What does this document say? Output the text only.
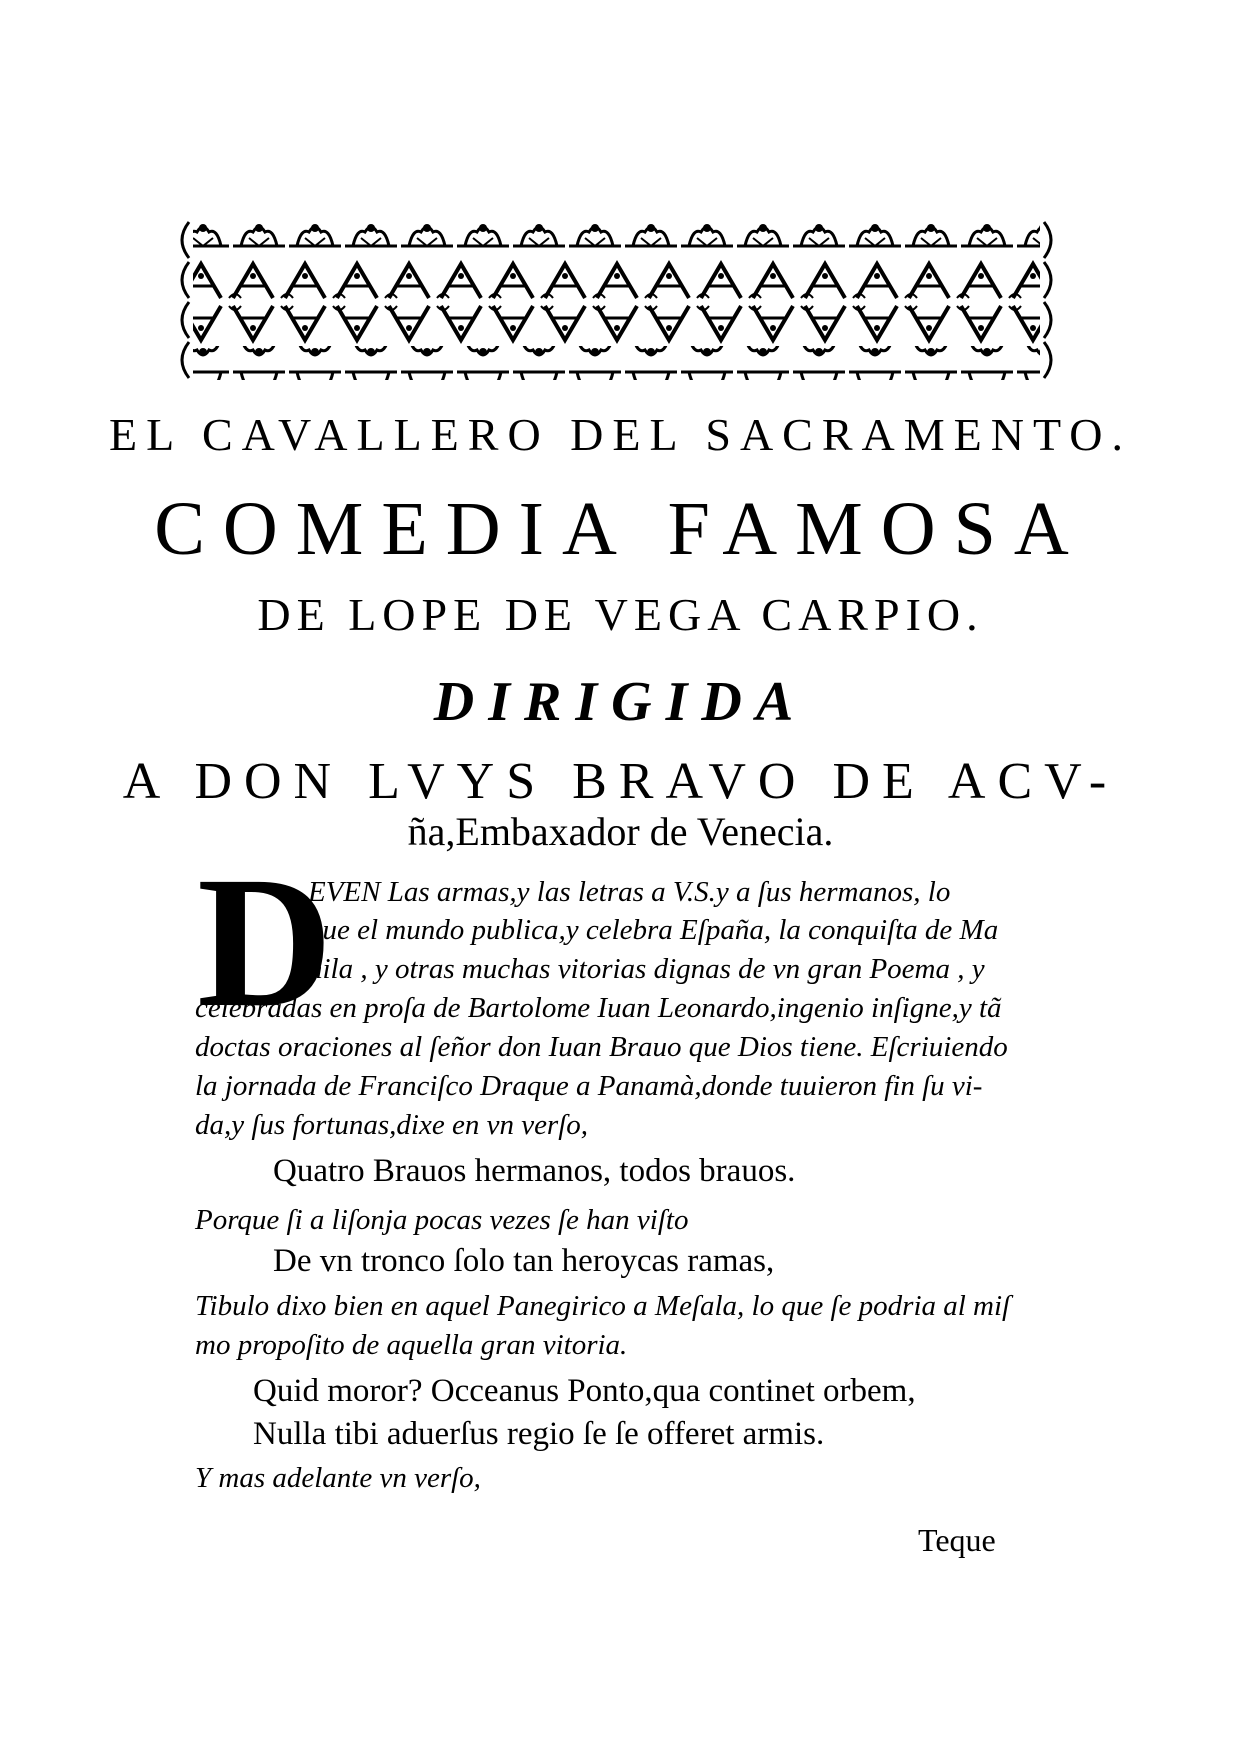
EL CAVALLERO DEL SACRAMENTO.
COMEDIA FAMOSA
DE LOPE DE VEGA CARPIO.
DIRIGIDA
A DON LVYS BRAVO DE ACV-
ña,Embaxador de Venecia.
D
EVEN Las armas,y las letras a V.S.y a ſus hermanos, lo
que el mundo publica,y celebra Eſpaña, la conquiſta de Ma
nila , y otras muchas vitorias dignas de vn gran Poema , y
celebradas en proſa de Bartolome Iuan Leonardo,ingenio inſigne,y tã
doctas oraciones al ſeñor don Iuan Brauo que Dios tiene. Eſcriuiendo
la jornada de Franciſco Draque a Panamà,donde tuuieron fin ſu vi-
da,y ſus fortunas,dixe en vn verſo,
Quatro Brauos hermanos, todos brauos.
Porque ſi a liſonja pocas vezes ſe han viſto
De vn tronco ſolo tan heroycas ramas,
Tibulo dixo bien en aquel Panegirico a Meſala, lo que ſe podria al miſ
mo propoſito de aquella gran vitoria.
Quid moror? Occeanus Ponto,qua continet orbem,
Nulla tibi aduerſus regio ſe ſe offeret armis.
Y mas adelante vn verſo,
Teque
